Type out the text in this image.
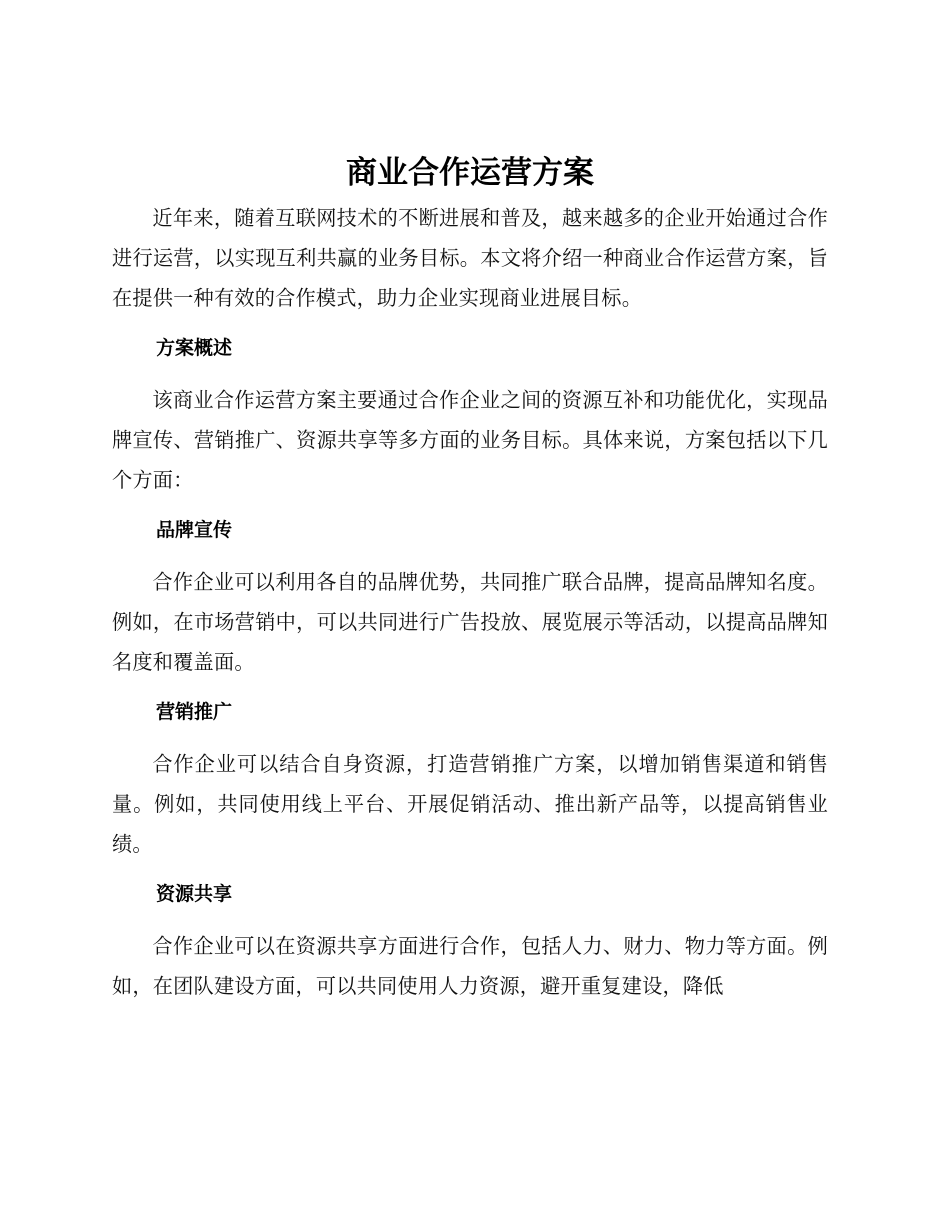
商业合作运营方案

近年来，随着互联网技术的不断进展和普及，越来越多的企业开始通过合作进行运营，以实现互利共赢的业务目标。本文将介绍一种商业合作运营方案，旨在提供一种有效的合作模式，助力企业实现商业进展目标。

方案概述

该商业合作运营方案主要通过合作企业之间的资源互补和功能优化，实现品牌宣传、营销推广、资源共享等多方面的业务目标。具体来说，方案包括以下几个方面：

品牌宣传

合作企业可以利用各自的品牌优势，共同推广联合品牌，提高品牌知名度。例如，在市场营销中，可以共同进行广告投放、展览展示等活动，以提高品牌知名度和覆盖面。

营销推广

合作企业可以结合自身资源，打造营销推广方案，以增加销售渠道和销售量。例如，共同使用线上平台、开展促销活动、推出新产品等，以提高销售业绩。

资源共享

合作企业可以在资源共享方面进行合作，包括人力、财力、物力等方面。例如，在团队建设方面，可以共同使用人力资源，避开重复建设，降低
